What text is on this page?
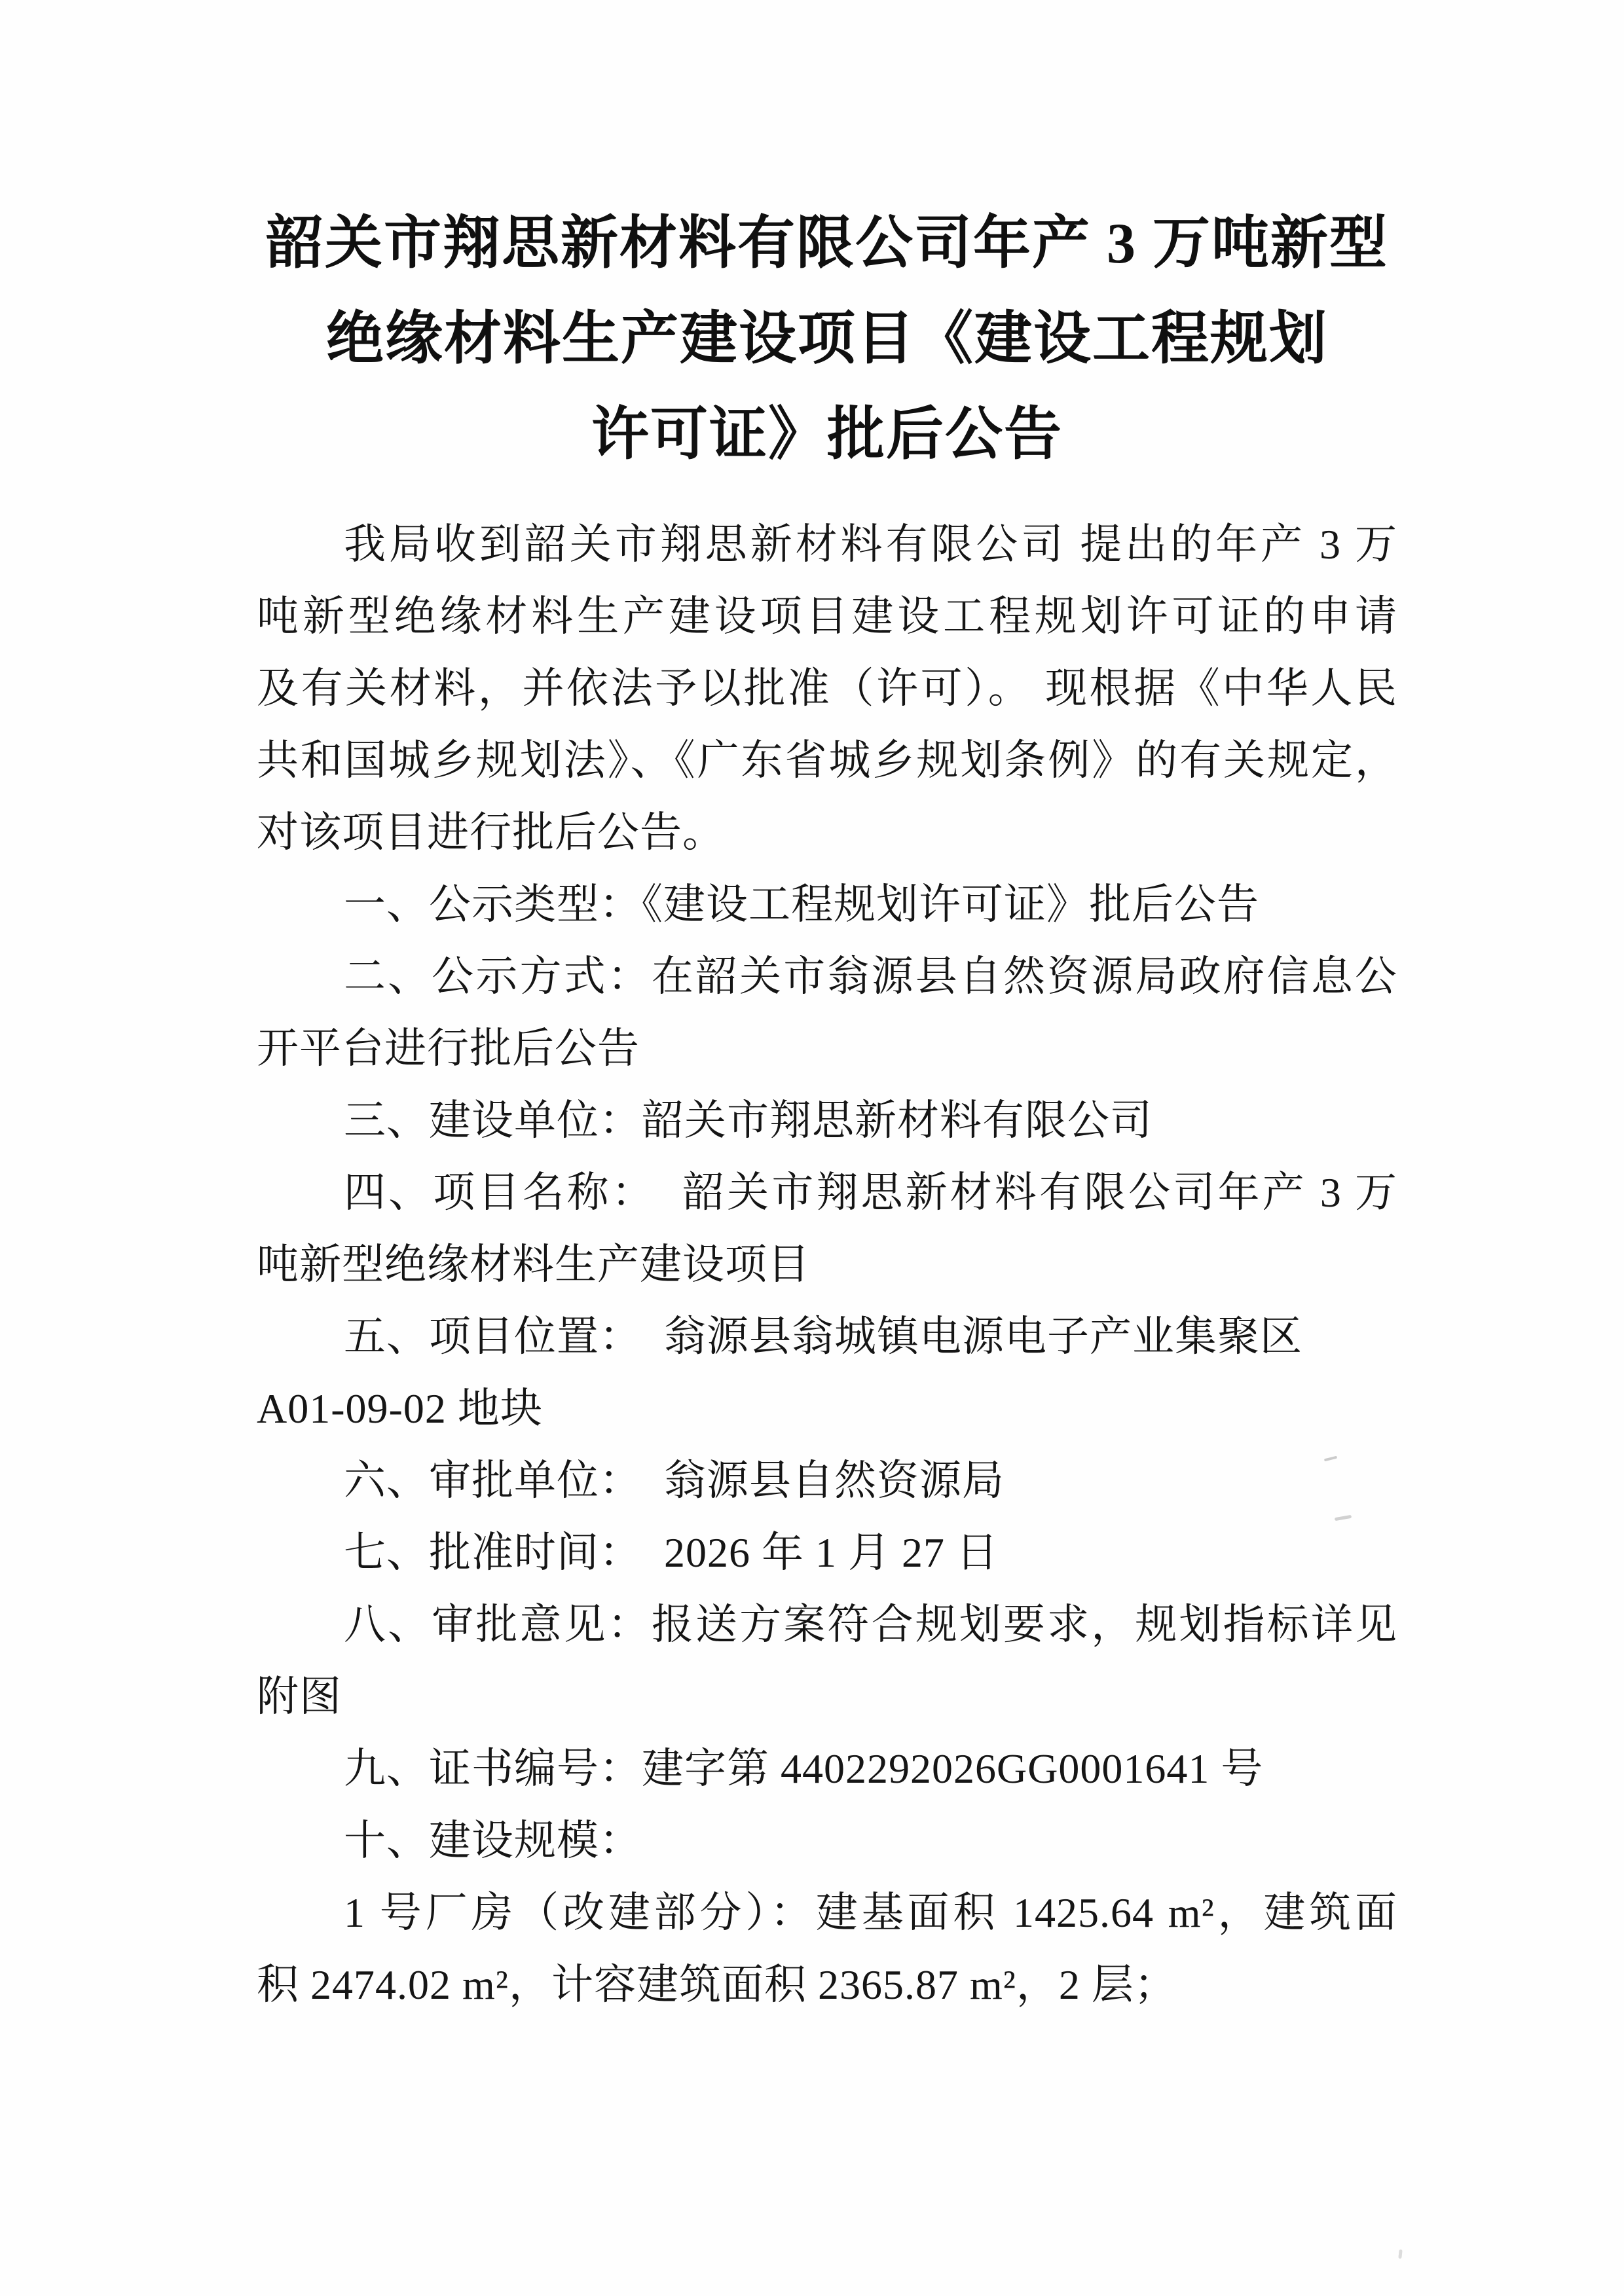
韶关市翔思新材料有限公司年产 3 万吨新型
绝缘材料生产建设项目《建设工程规划
许可证》批后公告
我局收到韶关市翔思新材料有限公司 提出的年产 3 万
吨新型绝缘材料生产建设项目建设工程规划许可证的申请
及有关材料，并依法予以批准（许可）。 现根据《中华人民
共和国城乡规划法》、《广东省城乡规划条例》的有关规定，
对该项目进行批后公告。
一、公示类型：《建设工程规划许可证》批后公告
二、公示方式：在韶关市翁源县自然资源局政府信息公
开平台进行批后公告
三、建设单位：韶关市翔思新材料有限公司
四、项目名称：  韶关市翔思新材料有限公司年产 3 万
吨新型绝缘材料生产建设项目
五、项目位置：  翁源县翁城镇电源电子产业集聚区
A01-09-02 地块
六、审批单位：  翁源县自然资源局
七、批准时间：  2026 年 1 月 27 日
八、审批意见：报送方案符合规划要求，规划指标详见
附图
九、证书编号：建字第 4402292026GG0001641 号
十、建设规模：
1 号厂房（改建部分）：建基面积 1425.64 m²，建筑面
积 2474.02 m²，计容建筑面积 2365.87 m²，2 层；
